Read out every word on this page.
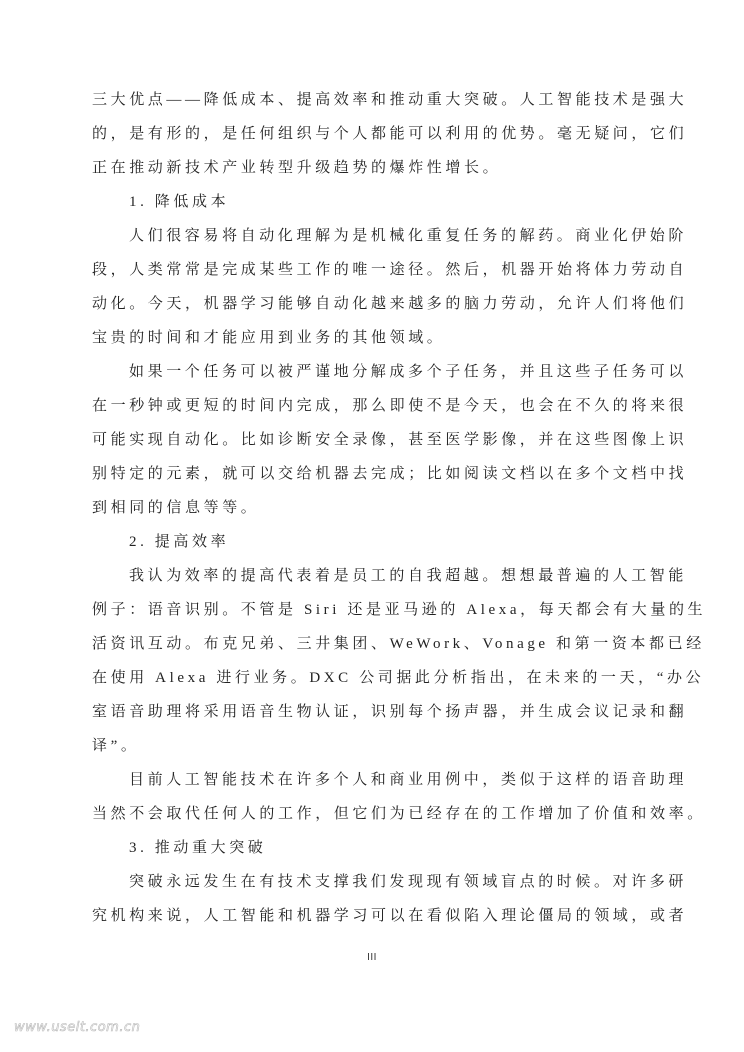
三大优点——降低成本、提高效率和推动重大突破。人工智能技术是强大
的，是有形的，是任何组织与个人都能可以利用的优势。毫无疑问，它们
正在推动新技术产业转型升级趋势的爆炸性增长。
1. 降低成本
人们很容易将自动化理解为是机械化重复任务的解药。商业化伊始阶
段，人类常常是完成某些工作的唯一途径。然后，机器开始将体力劳动自
动化。今天，机器学习能够自动化越来越多的脑力劳动，允许人们将他们
宝贵的时间和才能应用到业务的其他领域。
如果一个任务可以被严谨地分解成多个子任务，并且这些子任务可以
在一秒钟或更短的时间内完成，那么即使不是今天，也会在不久的将来很
可能实现自动化。比如诊断安全录像，甚至医学影像，并在这些图像上识
别特定的元素，就可以交给机器去完成；比如阅读文档以在多个文档中找
到相同的信息等等。
2. 提高效率
我认为效率的提高代表着是员工的自我超越。想想最普遍的人工智能
例子：语音识别。不管是 Siri 还是亚马逊的 Alexa，每天都会有大量的生
活资讯互动。布克兄弟、三井集团、WeWork、Vonage 和第一资本都已经
在使用 Alexa 进行业务。DXC 公司据此分析指出，在未来的一天，“办公
室语音助理将采用语音生物认证，识别每个扬声器，并生成会议记录和翻
译”。
目前人工智能技术在许多个人和商业用例中，类似于这样的语音助理
当然不会取代任何人的工作，但它们为已经存在的工作增加了价值和效率。
3. 推动重大突破
突破永远发生在有技术支撑我们发现现有领域盲点的时候。对许多研
究机构来说，人工智能和机器学习可以在看似陷入理论僵局的领域，或者
III
www.useit.com.cn
